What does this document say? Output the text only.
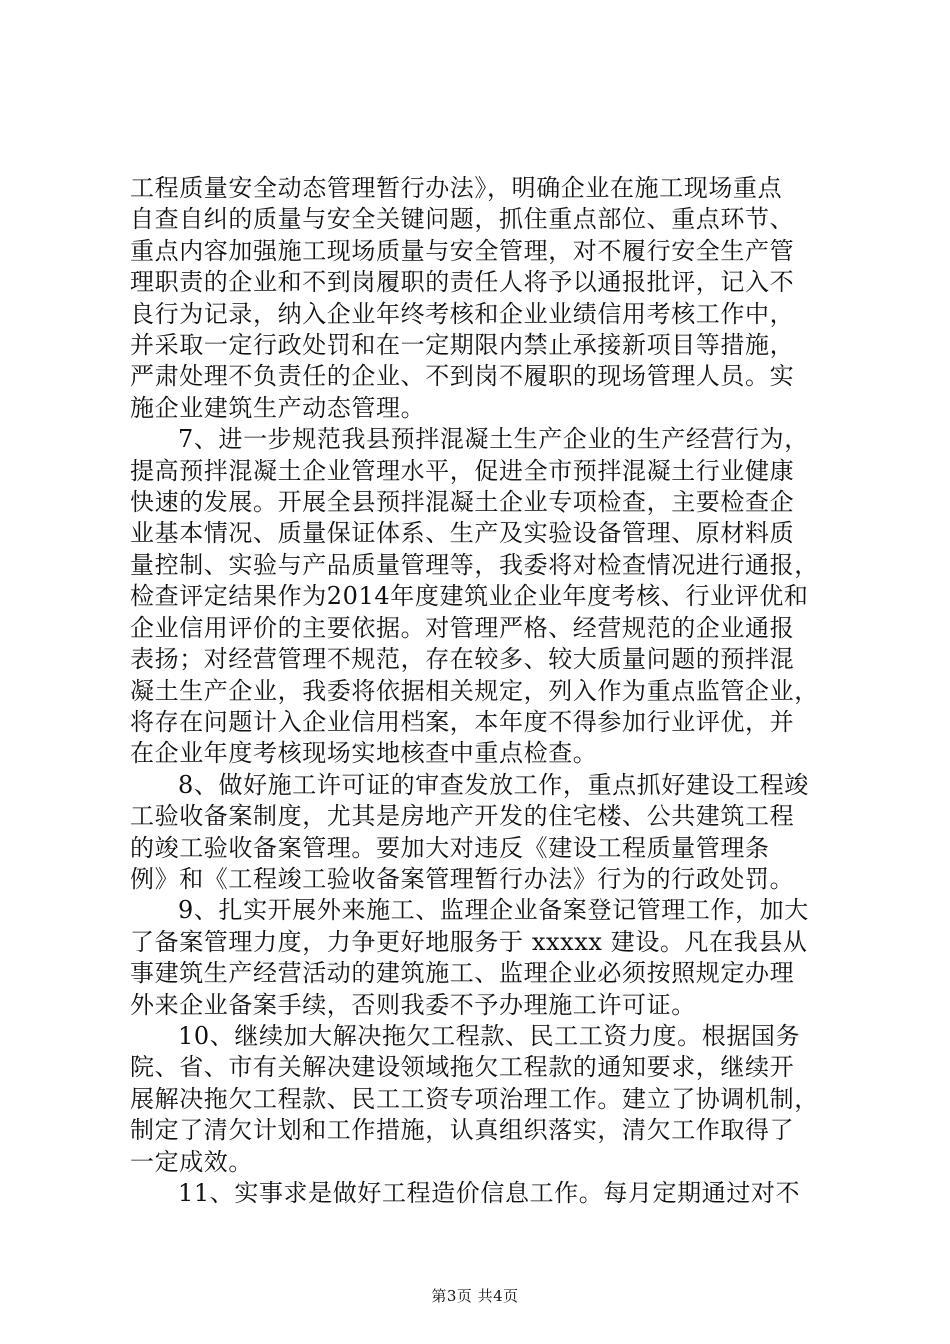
工程质量安全动态管理暂行办法》，明确企业在施工现场重点
自查自纠的质量与安全关键问题，抓住重点部位、重点环节、
重点内容加强施工现场质量与安全管理，对不履行安全生产管
理职责的企业和不到岗履职的责任人将予以通报批评，记入不
良行为记录，纳入企业年终考核和企业业绩信用考核工作中，
并采取一定行政处罚和在一定期限内禁止承接新项目等措施，
严肃处理不负责任的企业、不到岗不履职的现场管理人员。实
施企业建筑生产动态管理。

7、进一步规范我县预拌混凝土生产企业的生产经营行为，
提高预拌混凝土企业管理水平，促进全市预拌混凝土行业健康
快速的发展。开展全县预拌混凝土企业专项检查，主要检查企
业基本情况、质量保证体系、生产及实验设备管理、原材料质
量控制、实验与产品质量管理等，我委将对检查情况进行通报，
检查评定结果作为2014年度建筑业企业年度考核、行业评优和
企业信用评价的主要依据。对管理严格、经营规范的企业通报
表扬；对经营管理不规范，存在较多、较大质量问题的预拌混
凝土生产企业，我委将依据相关规定，列入作为重点监管企业，
将存在问题计入企业信用档案，本年度不得参加行业评优，并
在企业年度考核现场实地核查中重点检查。

8、做好施工许可证的审查发放工作，重点抓好建设工程竣
工验收备案制度，尤其是房地产开发的住宅楼、公共建筑工程
的竣工验收备案管理。要加大对违反《建设工程质量管理条
例》和《工程竣工验收备案管理暂行办法》行为的行政处罚。

9、扎实开展外来施工、监理企业备案登记管理工作，加大
了备案管理力度，力争更好地服务于 xxxxx 建设。凡在我县从
事建筑生产经营活动的建筑施工、监理企业必须按照规定办理
外来企业备案手续，否则我委不予办理施工许可证。

10、继续加大解决拖欠工程款、民工工资力度。根据国务
院、省、市有关解决建设领域拖欠工程款的通知要求，继续开
展解决拖欠工程款、民工工资专项治理工作。建立了协调机制，
制定了清欠计划和工作措施，认真组织落实，清欠工作取得了
一定成效。

11、实事求是做好工程造价信息工作。每月定期通过对不

第3页 共4页
